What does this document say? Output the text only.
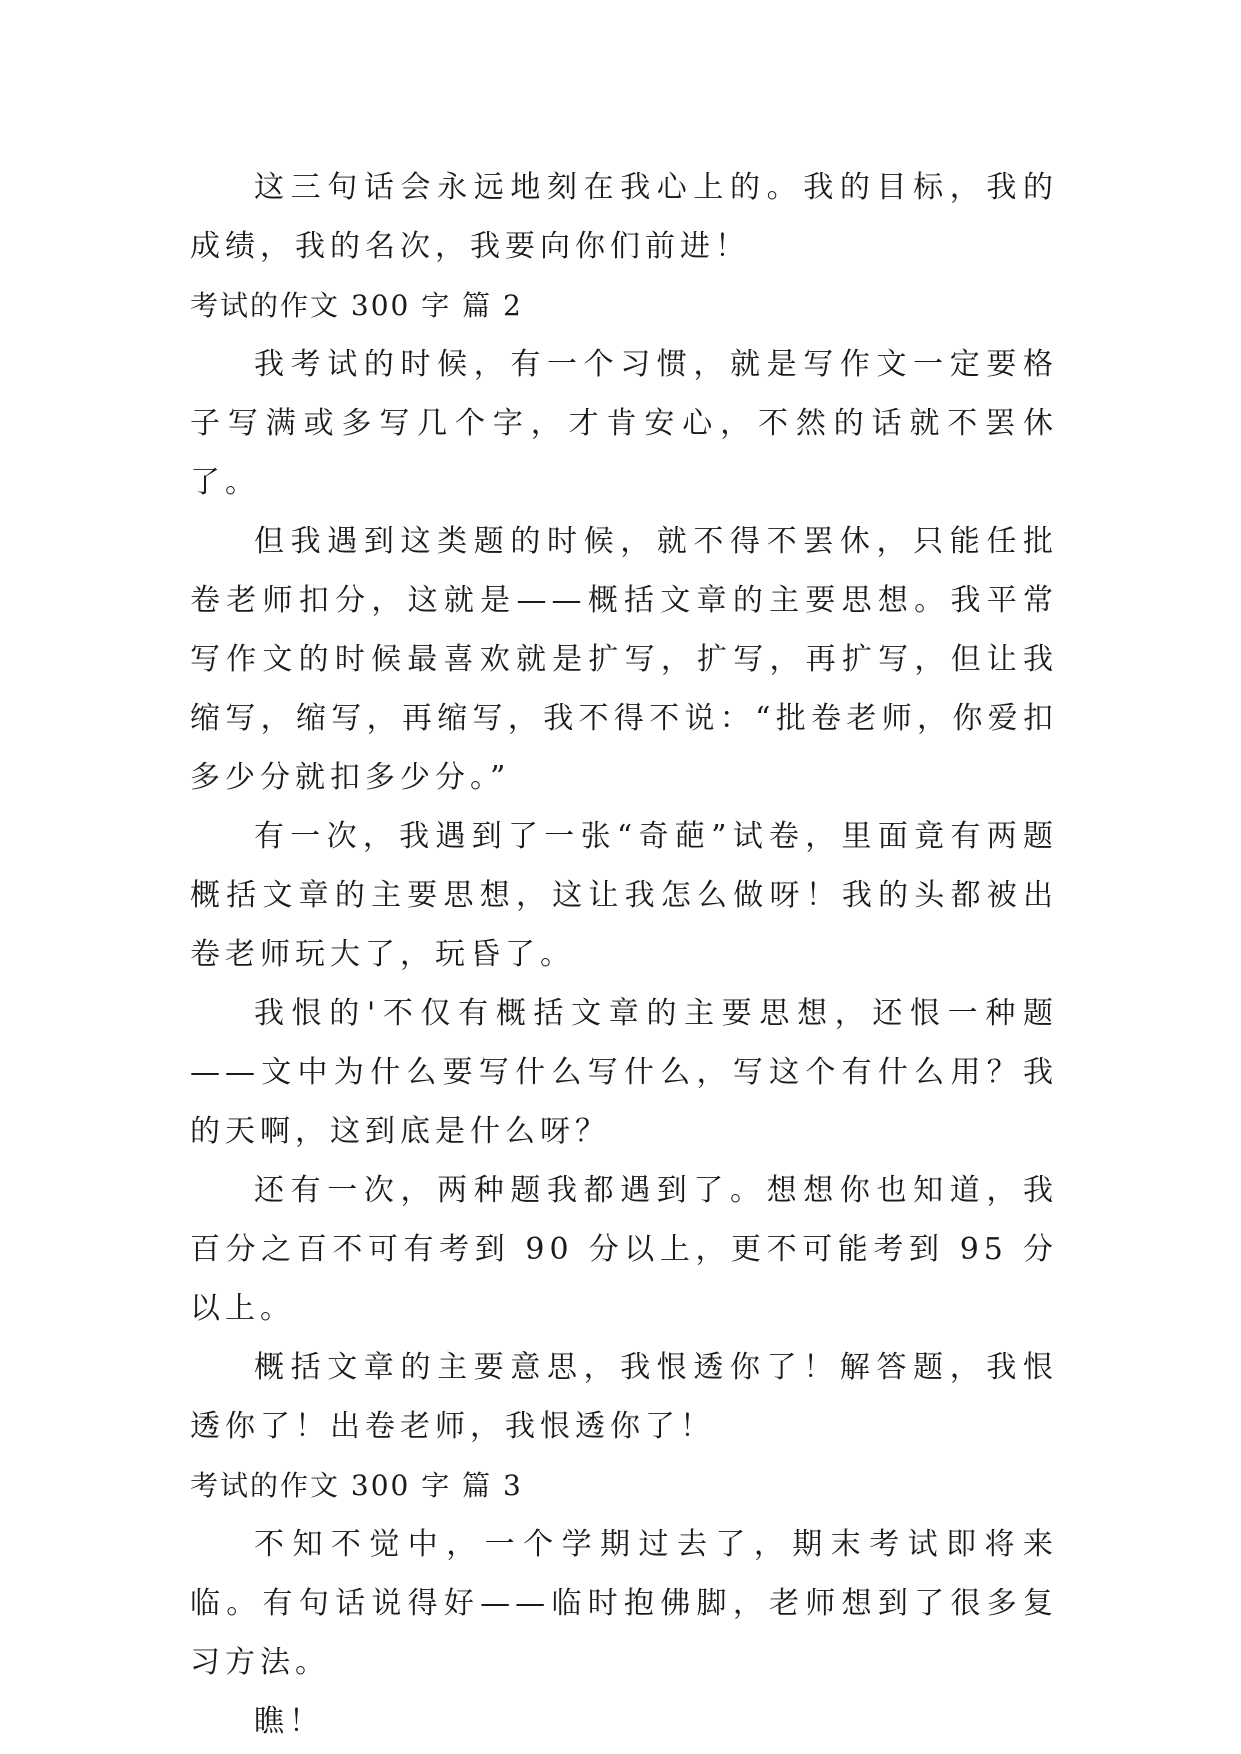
这三句话会永远地刻在我心上的。我的目标，我的成绩，我的名次，我要向你们前进！

考试的作文 300 字 篇 2

我考试的时候，有一个习惯，就是写作文一定要格子写满或多写几个字，才肯安心，不然的话就不罢休了。

但我遇到这类题的时候，就不得不罢休，只能任批卷老师扣分，这就是——概括文章的主要思想。我平常写作文的时候最喜欢就是扩写，扩写，再扩写，但让我缩写，缩写，再缩写，我不得不说：“批卷老师，你爱扣多少分就扣多少分。”

有一次，我遇到了一张“奇葩”试卷，里面竟有两题概括文章的主要思想，这让我怎么做呀！我的头都被出卷老师玩大了，玩昏了。

我恨的'不仅有概括文章的主要思想，还恨一种题——文中为什么要写什么写什么，写这个有什么用？我的天啊，这到底是什么呀？

还有一次，两种题我都遇到了。想想你也知道，我百分之百不可有考到 90 分以上，更不可能考到 95 分以上。

概括文章的主要意思，我恨透你了！解答题，我恨透你了！出卷老师，我恨透你了！

考试的作文 300 字 篇 3

不知不觉中，一个学期过去了，期末考试即将来临。有句话说得好——临时抱佛脚，老师想到了很多复习方法。

瞧！
